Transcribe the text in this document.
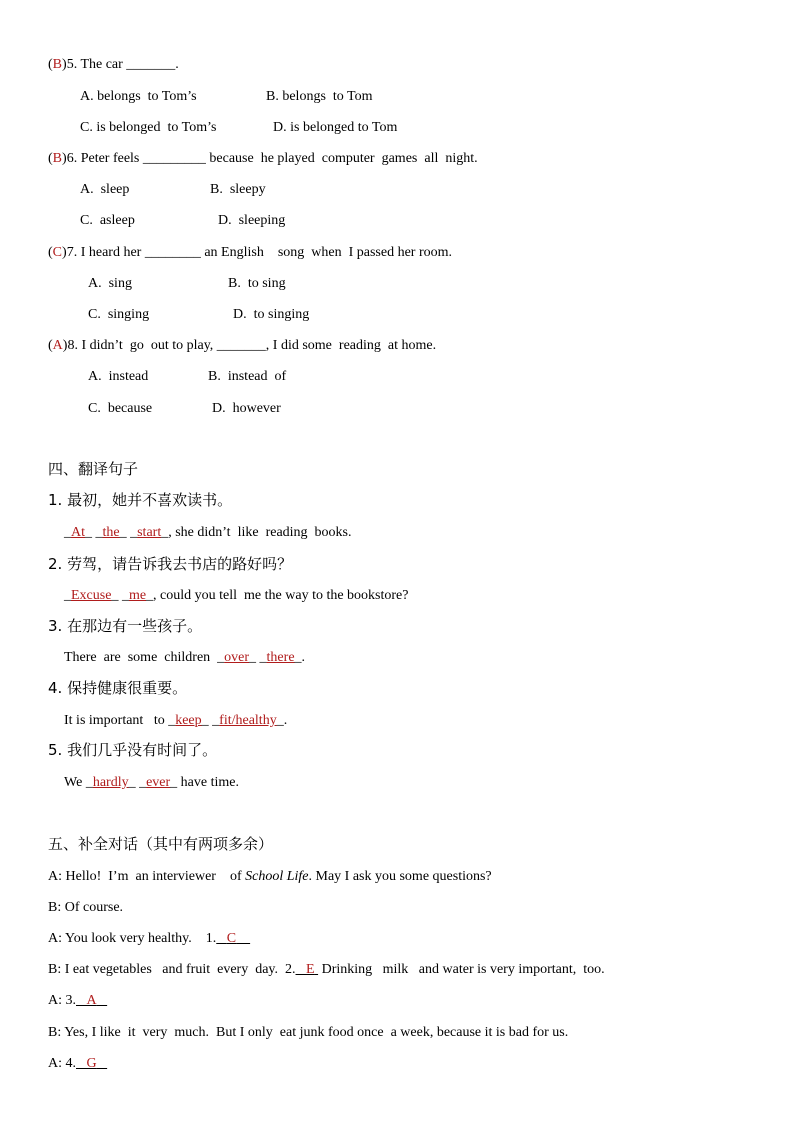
(B)5. The car _______.
A. belongs  to Tom’s	B. belongs  to Tom
C. is belonged  to Tom’s	D. is belonged to Tom
(B)6. Peter feels _________ because  he played  computer  games  all  night.
A.  sleep	B.  sleepy
C.  asleep	D.  sleeping
(C)7. I heard her ________ an English    song  when  I passed her room.
A.  sing	B.  to sing
C.  singing	D.  to singing
(A)8. I didn’t  go  out to play, _______, I did some  reading  at home.
A.  instead	B.  instead  of
C.  because	D.  however
四、翻译句子
1. 最初，她并不喜欢读书。
_At_ _the_ _start_, she didn’t  like  reading  books.
2. 劳驾，请告诉我去书店的路好吗？
_Excuse_ _me_, could you tell  me the way to the bookstore?
3. 在那边有一些孩子。
There  are  some  children  _over_ _there_.
4. 保持健康很重要。
It is important   to _keep_ _fit/healthy_.
5. 我们几乎没有时间了。
We _hardly_ _ever_ have time.
五、补全对话（其中有两项多余）
A: Hello!  I’m  an interviewer    of School Life. May I ask you some questions?
B: Of course.
A: You look very healthy.    1. C
B: I eat vegetables   and fruit  every  day.  2. E  Drinking   milk   and water is very important,  too.
A: 3. A
B: Yes, I like  it  very  much.  But I only  eat junk food once  a week, because it is bad for us.
A: 4. G
